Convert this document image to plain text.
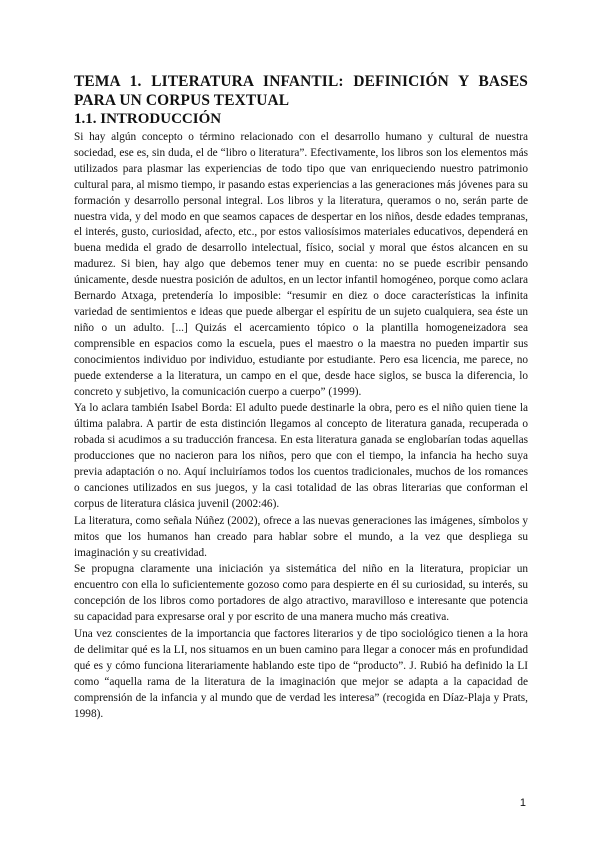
TEMA 1. LITERATURA INFANTIL: DEFINICIÓN Y BASES PARA UN CORPUS TEXTUAL
1.1. INTRODUCCIÓN

Si hay algún concepto o término relacionado con el desarrollo humano y cultural de nuestra sociedad, ese es, sin duda, el de “libro o literatura”. Efectivamente, los libros son los elementos más utilizados para plasmar las experiencias de todo tipo que van enriqueciendo nuestro patrimonio cultural para, al mismo tiempo, ir pasando estas experiencias a las generaciones más jóvenes para su formación y desarrollo personal integral. Los libros y la literatura, queramos o no, serán parte de nuestra vida, y del modo en que seamos capaces de despertar en los niños, desde edades tempranas, el interés, gusto, curiosidad, afecto, etc., por estos valiosísimos materiales educativos, dependerá en buena medida el grado de desarrollo intelectual, físico, social y moral que éstos alcancen en su madurez. Si bien, hay algo que debemos tener muy en cuenta: no se puede escribir pensando únicamente, desde nuestra posición de adultos, en un lector infantil homogéneo, porque como aclara Bernardo Atxaga, pretendería lo imposible: “resumir en diez o doce características la infinita variedad de sentimientos e ideas que puede albergar el espíritu de un sujeto cualquiera, sea éste un niño o un adulto. [...] Quizás el acercamiento tópico o la plantilla homogeneizadora sea comprensible en espacios como la escuela, pues el maestro o la maestra no pueden impartir sus conocimientos individuo por individuo, estudiante por estudiante. Pero esa licencia, me parece, no puede extenderse a la literatura, un campo en el que, desde hace siglos, se busca la diferencia, lo concreto y subjetivo, la comunicación cuerpo a cuerpo” (1999).

Ya lo aclara también Isabel Borda: El adulto puede destinarle la obra, pero es el niño quien tiene la última palabra. A partir de esta distinción llegamos al concepto de literatura ganada, recuperada o robada si acudimos a su traducción francesa. En esta literatura ganada se englobarían todas aquellas producciones que no nacieron para los niños, pero que con el tiempo, la infancia ha hecho suya previa adaptación o no. Aquí incluiríamos todos los cuentos tradicionales, muchos de los romances o canciones utilizados en sus juegos, y la casi totalidad de las obras literarias que conforman el corpus de literatura clásica juvenil (2002:46).

La literatura, como señala Núñez (2002), ofrece a las nuevas generaciones las imágenes, símbolos y mitos que los humanos han creado para hablar sobre el mundo, a la vez que despliega su imaginación y su creatividad.

Se propugna claramente una iniciación ya sistemática del niño en la literatura, propiciar un encuentro con ella lo suficientemente gozoso como para despierte en él su curiosidad, su interés, su concepción de los libros como portadores de algo atractivo, maravilloso e interesante que potencia su capacidad para expresarse oral y por escrito de una manera mucho más creativa.

Una vez conscientes de la importancia que factores literarios y de tipo sociológico tienen a la hora de delimitar qué es la LI, nos situamos en un buen camino para llegar a conocer más en profundidad qué es y cómo funciona literariamente hablando este tipo de “producto”. J. Rubió ha definido la LI como “aquella rama de la literatura de la imaginación que mejor se adapta a la capacidad de comprensión de la infancia y al mundo que de verdad les interesa” (recogida en Díaz-Plaja y Prats, 1998).

1
